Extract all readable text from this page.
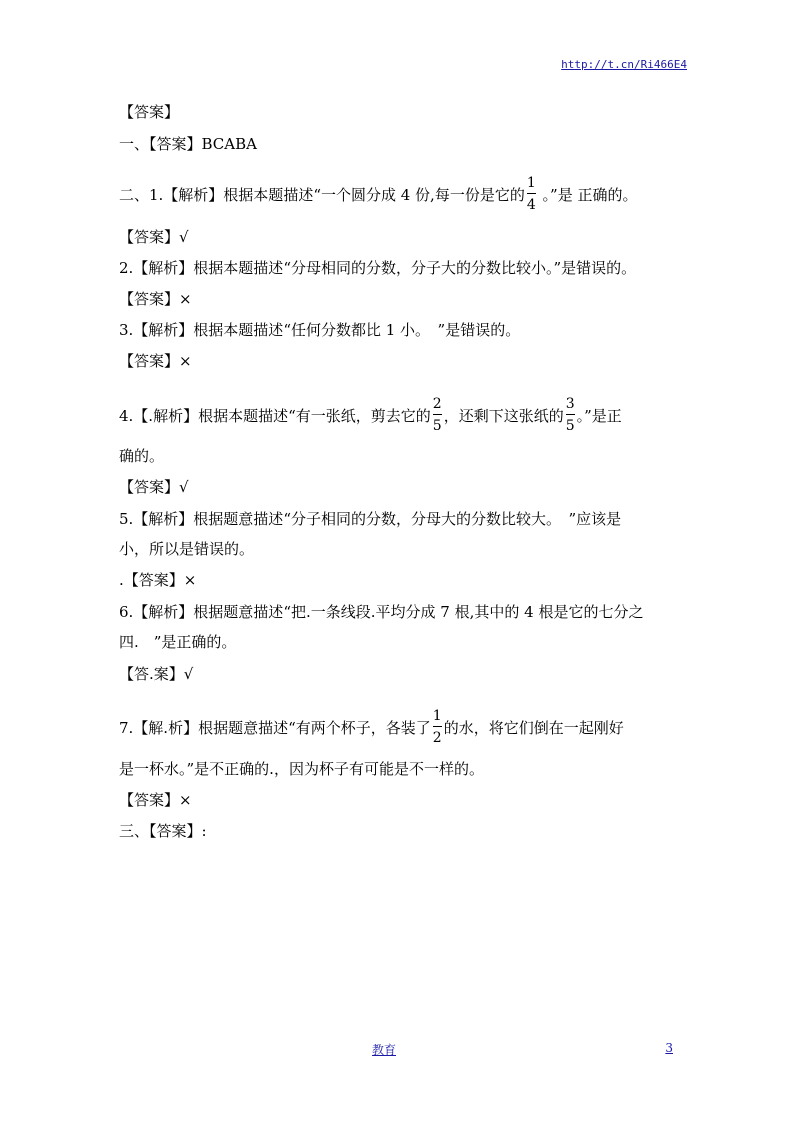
http://t.cn/Ri466E4
【答案】
一、【答案】BCABA
二、1.【解析】根据本题描述“一个圆分成 4 份,每一份是它的 $\frac{1}{4}$ 。”是 正确的。
【答案】√
2.【解析】根据本题描述“分母相同的分数，分子大的分数比较小。”是错误的。
【答案】×
3.【解析】根据本题描述“任何分数都比 1 小。　”是错误的。
【答案】×
4.【.解析】根据本题描述“有一张纸，剪去它的 $\frac{2}{5}$ ，还剩下这张纸的 $\frac{3}{5}$ 。”是正
确的。
【答案】√
5.【解析】根据题意描述“分子相同的分数，分母大的分数比较大。　”应该是
小，所以是错误的。
.【答案】×
6.【解析】根据题意描述“把.一条线段.平均分成 7 根,其中的 4 根是它的七分之
四.　”是正确的。
【答.案】√
7.【解.析】根据题意描述“有两个杯子，各装了 $\frac{1}{2}$ 的水，将它们倒在一起刚好
是一杯水。”是不正确的.，因为杯子有可能是不一样的。
【答案】×
三、【答案】:
教育	3
